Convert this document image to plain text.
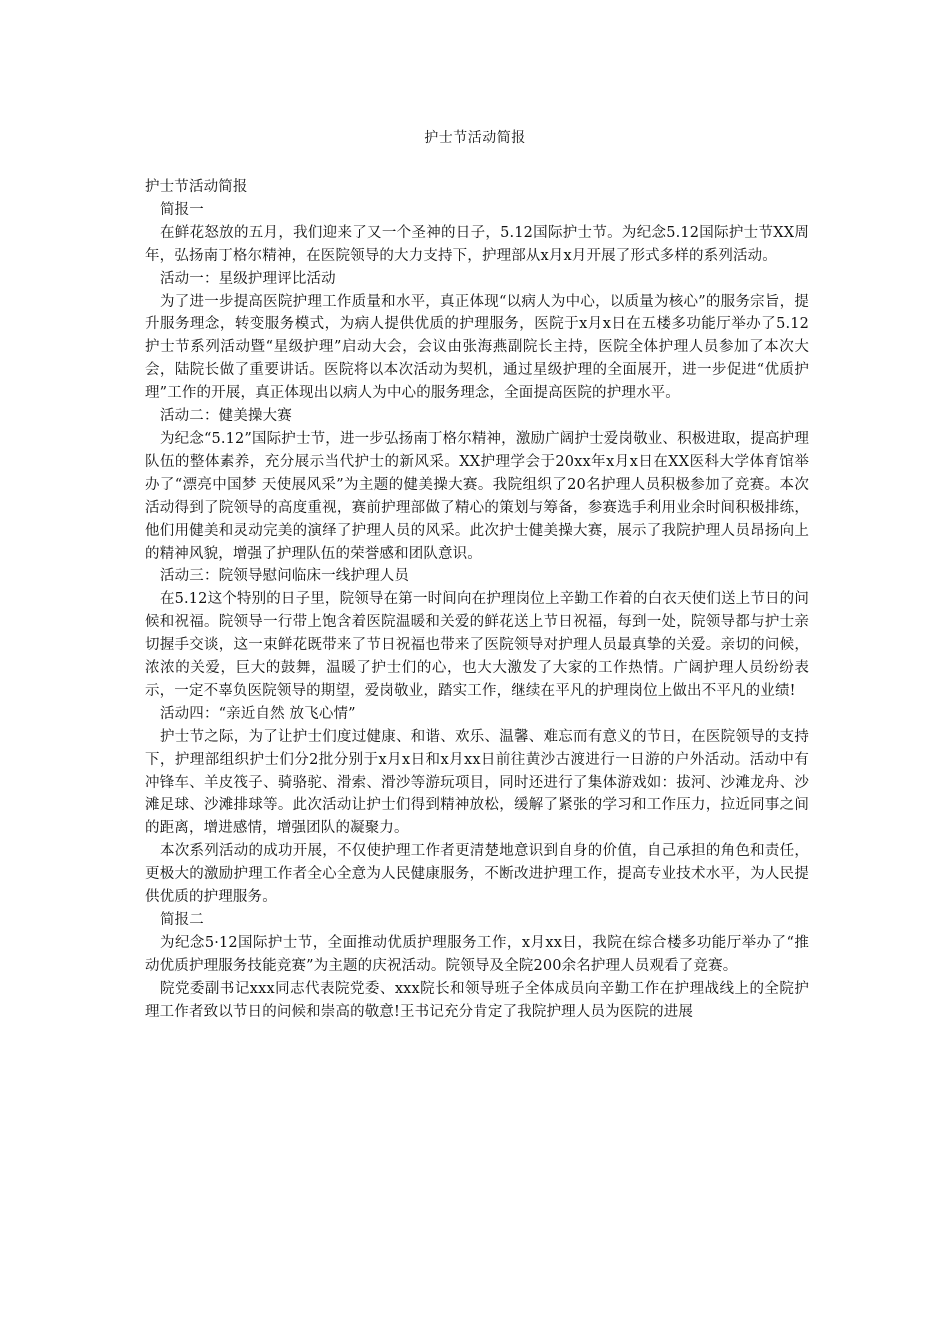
护士节活动简报

护士节活动简报

简报一

在鲜花怒放的五月，我们迎来了又一个圣神的日子，5.12国际护士节。为纪念5.12国际护士节XX周年，弘扬南丁格尔精神，在医院领导的大力支持下，护理部从x月x月开展了形式多样的系列活动。

活动一：星级护理评比活动

为了进一步提高医院护理工作质量和水平，真正体现“以病人为中心，以质量为核心”的服务宗旨，提升服务理念，转变服务模式，为病人提供优质的护理服务，医院于x月x日在五楼多功能厅举办了5.12护士节系列活动暨“星级护理”启动大会，会议由张海燕副院长主持，医院全体护理人员参加了本次大会，陆院长做了重要讲话。医院将以本次活动为契机，通过星级护理的全面展开，进一步促进“优质护理”工作的开展，真正体现出以病人为中心的服务理念，全面提高医院的护理水平。

活动二：健美操大赛

为纪念“5.12”国际护士节，进一步弘扬南丁格尔精神，激励广阔护士爱岗敬业、积极进取，提高护理队伍的整体素养，充分展示当代护士的新风采。XX护理学会于20xx年x月x日在XX医科大学体育馆举办了“漂亮中国梦 天使展风采”为主题的健美操大赛。我院组织了20名护理人员积极参加了竞赛。本次活动得到了院领导的高度重视，赛前护理部做了精心的策划与筹备，参赛选手利用业余时间积极排练，他们用健美和灵动完美的演绎了护理人员的风采。此次护士健美操大赛，展示了我院护理人员昂扬向上的精神风貌，增强了护理队伍的荣誉感和团队意识。

活动三：院领导慰问临床一线护理人员

在5.12这个特别的日子里，院领导在第一时间向在护理岗位上辛勤工作着的白衣天使们送上节日的问候和祝福。院领导一行带上饱含着医院温暖和关爱的鲜花送上节日祝福，每到一处，院领导都与护士亲切握手交谈，这一束鲜花既带来了节日祝福也带来了医院领导对护理人员最真挚的关爱。亲切的问候，浓浓的关爱，巨大的鼓舞，温暖了护士们的心，也大大激发了大家的工作热情。广阔护理人员纷纷表示，一定不辜负医院领导的期望，爱岗敬业，踏实工作，继续在平凡的护理岗位上做出不平凡的业绩!

活动四：“亲近自然 放飞心情”

护士节之际，为了让护士们度过健康、和谐、欢乐、温馨、难忘而有意义的节日，在医院领导的支持下，护理部组织护士们分2批分别于x月x日和x月xx日前往黄沙古渡进行一日游的户外活动。活动中有冲锋车、羊皮筏子、骑骆驼、滑索、滑沙等游玩项目，同时还进行了集体游戏如：拔河、沙滩龙舟、沙滩足球、沙滩排球等。此次活动让护士们得到精神放松，缓解了紧张的学习和工作压力，拉近同事之间的距离，增进感情，增强团队的凝聚力。

本次系列活动的成功开展，不仅使护理工作者更清楚地意识到自身的价值，自己承担的角色和责任，更极大的激励护理工作者全心全意为人民健康服务，不断改进护理工作，提高专业技术水平，为人民提供优质的护理服务。

简报二

为纪念5·12国际护士节，全面推动优质护理服务工作，x月xx日，我院在综合楼多功能厅举办了“推动优质护理服务技能竞赛”为主题的庆祝活动。院领导及全院200余名护理人员观看了竞赛。

院党委副书记xxx同志代表院党委、xxx院长和领导班子全体成员向辛勤工作在护理战线上的全院护理工作者致以节日的问候和崇高的敬意!王书记充分肯定了我院护理人员为医院的进展
